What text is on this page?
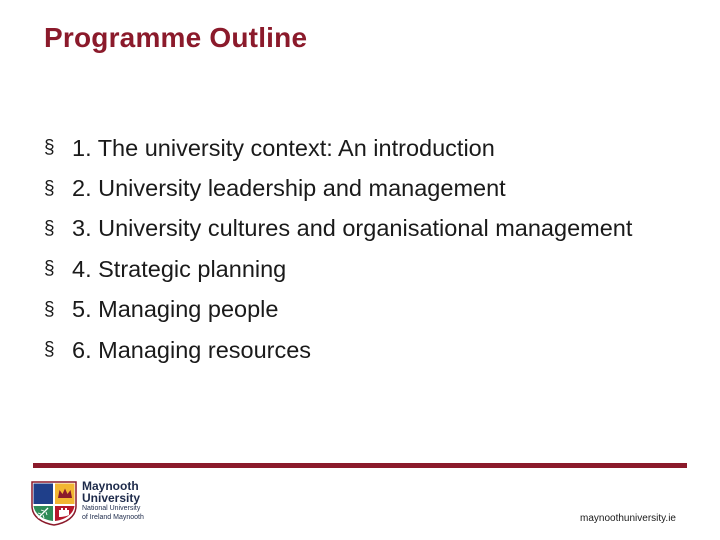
Programme Outline
§ 1. The university context: An introduction
§ 2. University leadership and management
§ 3. University cultures and organisational management
§ 4. Strategic planning
§ 5. Managing people
§ 6. Managing resources
Maynooth
University
National University
of Ireland Maynooth	maynoothuniversity.ie
